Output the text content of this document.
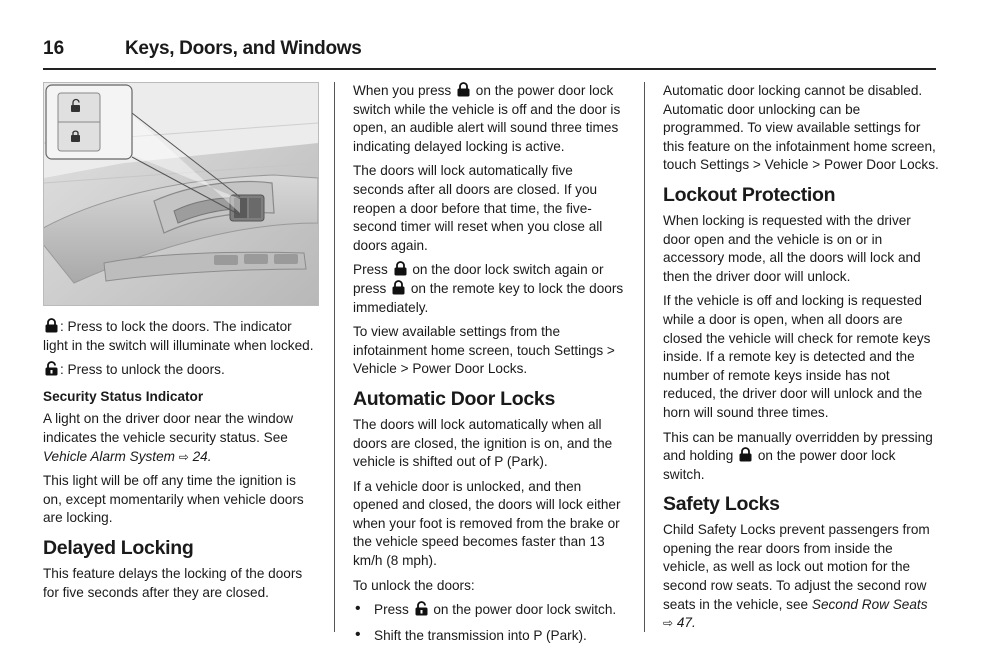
16	Keys, Doors, and Windows

: Press to lock the doors. The indicator light in the switch will illuminate when locked.

: Press to unlock the doors.

Security Status Indicator

A light on the driver door near the window indicates the vehicle security status. See Vehicle Alarm System ⇨ 24.

This light will be off any time the ignition is on, except momentarily when vehicle doors are locking.

Delayed Locking

This feature delays the locking of the doors for five seconds after they are closed.

When you press on the power door lock switch while the vehicle is off and the door is open, an audible alert will sound three times indicating delayed locking is active.

The doors will lock automatically five seconds after all doors are closed. If you reopen a door before that time, the five-second timer will reset when you close all doors again.

Press on the door lock switch again or press on the remote key to lock the doors immediately.

To view available settings from the infotainment home screen, touch Settings > Vehicle > Power Door Locks.

Automatic Door Locks

The doors will lock automatically when all doors are closed, the ignition is on, and the vehicle is shifted out of P (Park).

If a vehicle door is unlocked, and then opened and closed, the doors will lock either when your foot is removed from the brake or the vehicle speed becomes faster than 13 km/h (8 mph).

To unlock the doors:

• Press on the power door lock switch.
• Shift the transmission into P (Park).

Automatic door locking cannot be disabled. Automatic door unlocking can be programmed. To view available settings for this feature on the infotainment home screen, touch Settings > Vehicle > Power Door Locks.

Lockout Protection

When locking is requested with the driver door open and the vehicle is on or in accessory mode, all the doors will lock and then the driver door will unlock.

If the vehicle is off and locking is requested while a door is open, when all doors are closed the vehicle will check for remote keys inside. If a remote key is detected and the number of remote keys inside has not reduced, the driver door will unlock and the horn will sound three times.

This can be manually overridden by pressing and holding on the power door lock switch.

Safety Locks

Child Safety Locks prevent passengers from opening the rear doors from inside the vehicle, as well as lock out motion for the second row seats. To adjust the second row seats in the vehicle, see Second Row Seats ⇨ 47.
